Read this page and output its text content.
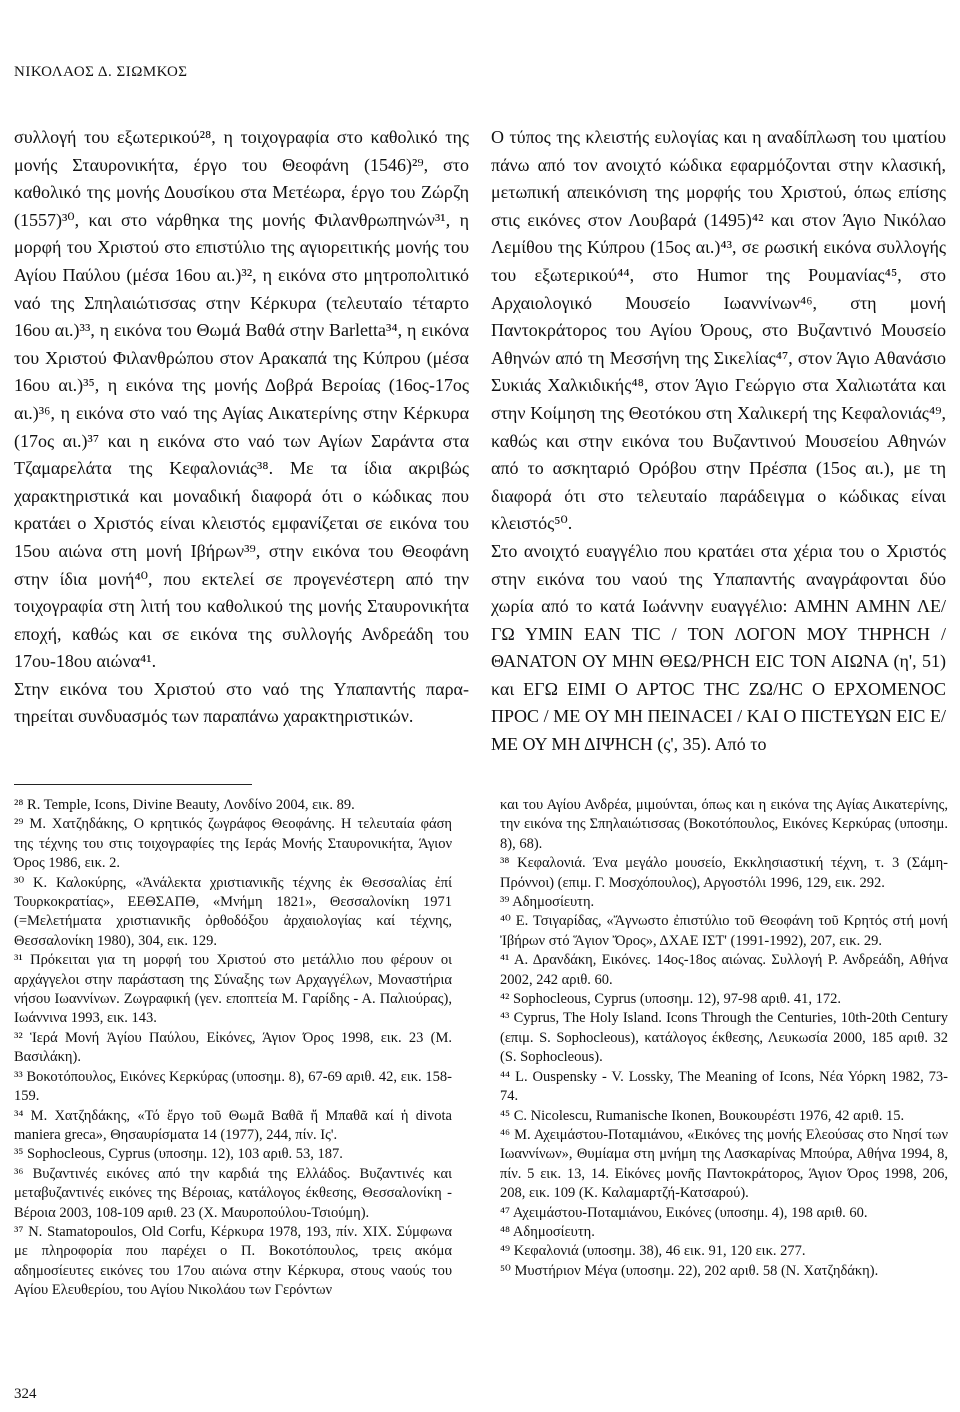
ΝΙΚΟΛΑΟΣ Δ. ΣΙΩΜΚΟΣ

συλλογή του εξωτερικού²⁸, η τοιχογραφία στο καθολικό της μονής Σταυρονικήτα, έργο του Θεοφάνη (1546)²⁹, στο καθολικό της μονής Δουσίκου στα Μετέωρα, έργο του Ζώρζη (1557)³⁰, και στο νάρθηκα της μονής Φιλανθρωπηνών³¹, η μορφή του Χριστού στο επιστύλιο της αγιορειτικής μονής του Αγίου Παύλου (μέσα 16ου αι.)³², η εικόνα στο μητροπολιτικό ναό της Σπηλαιώτισσας στην Κέρκυρα (τελευταίο τέταρτο 16ου αι.)³³, η εικόνα του Θωμά Βαθά στην Barletta³⁴, η εικόνα του Χριστού Φιλανθρώπου στον Αρακαπά της Κύπρου (μέσα 16ου αι.)³⁵, η εικόνα της μονής Δοβρά Βεροίας (16ος-17ος αι.)³⁶, η εικόνα στο ναό της Αγίας Αικατερίνης στην Κέρκυρα (17ος αι.)³⁷ και η εικόνα στο ναό των Αγίων Σαράντα στα Τζαμαρελάτα της Κεφαλονιάς³⁸. Με τα ίδια ακριβώς χαρακτηριστικά και μοναδική διαφορά ότι ο κώδικας που κρατάει ο Χριστός είναι κλειστός εμφανίζεται σε εικόνα του 15ου αιώνα στη μονή Ιβήρων³⁹, στην εικόνα του Θεοφάνη στην ίδια μονή⁴⁰, που εκτελεί σε προγενέστερη από την τοιχογραφία στη λιτή του καθολικού της μονής Σταυρονικήτα εποχή, καθώς και σε εικόνα της συλλογής Ανδρεάδη του 17ου-18ου αιώνα⁴¹.

Στην εικόνα του Χριστού στο ναό της Υπαπαντής παρατηρείται συνδυασμός των παραπάνω χαρακτηριστικών.

Ο τύπος της κλειστής ευλογίας και η αναδίπλωση του ιματίου πάνω από τον ανοιχτό κώδικα εφαρμόζονται στην κλασική, μετωπική απεικόνιση της μορφής του Χριστού, όπως επίσης στις εικόνες στον Λουβαρά (1495)⁴² και στον Άγιο Νικόλαο Λεμίθου της Κύπρου (15ος αι.)⁴³, σε ρωσική εικόνα συλλογής του εξωτερικού⁴⁴, στο Humor της Ρουμανίας⁴⁵, στο Αρχαιολογικό Μουσείο Ιωαννίνων⁴⁶, στη μονή Παντοκράτορος του Αγίου Όρους, στο Βυζαντινό Μουσείο Αθηνών από τη Μεσσήνη της Σικελίας⁴⁷, στον Άγιο Αθανάσιο Συκιάς Χαλκιδικής⁴⁸, στον Άγιο Γεώργιο στα Χαλιωτάτα και στην Κοίμηση της Θεοτόκου στη Χαλικερή της Κεφαλονιάς⁴⁹, καθώς και στην εικόνα του Βυζαντινού Μουσείου Αθηνών από το ασκηταριό Ορόβου στην Πρέσπα (15ος αι.), με τη διαφορά ότι στο τελευταίο παράδειγμα ο κώδικας είναι κλειστός⁵⁰.

Στο ανοιχτό ευαγγέλιο που κρατάει στα χέρια του ο Χριστός στην εικόνα του ναού της Υπαπαντής αναγράφονται δύο χωρία από το κατά Ιωάννην ευαγγέλιο: ΑΜΗΝ ΑΜΗΝ ΛΕ/ΓΩ ΥΜΙΝ ΕΑΝ ΤΙC / ΤΟΝ ΛΟΓΟΝ ΜΟΥ ΤΗΡΗCΗ / ΘΑΝΑΤΟΝ ΟΥ ΜΗΝ ΘΕΩ/ΡΗCΗ ΕΙC ΤΟΝ ΑΙΩΝΑ (η', 51) και ΕΓΩ ΕΙΜΙ Ο ΑΡΤΟC ΤΗC ΖΩ/ΗC Ο ΕΡΧΟΜΕΝΟC ΠΡΟC / ΜΕ ΟΥ ΜΗ ΠΕΙΝΑCΕΙ / ΚΑΙ Ο ΠΙCΤΕΥΩΝ ΕΙC Ε/ΜΕ ΟΥ ΜΗ ΔΙΨΗCΗ (ς', 35). Από το

²⁸ R. Temple, Icons, Divine Beauty, Λονδίνο 2004, εικ. 89.

²⁹ Μ. Χατζηδάκης, Ο κρητικός ζωγράφος Θεοφάνης. Η τελευταία φάση της τέχνης του στις τοιχογραφίες της Ιεράς Μονής Σταυρονικήτα, Άγιον Όρος 1986, εικ. 2.

³⁰ Κ. Καλοκύρης, «Ἀνάλεκτα χριστιανικῆς τέχνης ἐκ Θεσσαλίας ἐπί Τουρκοκρατίας», ΕΕΘΣΑΠΘ, «Μνήμη 1821», Θεσσαλονίκη 1971 (=Μελετήματα χριστιανικῆς ὀρθοδόξου ἀρχαιολογίας καί τέχνης, Θεσσαλονίκη 1980), 304, εικ. 129.

³¹ Πρόκειται για τη μορφή του Χριστού στο μετάλλιο που φέρουν οι αρχάγγελοι στην παράσταση της Σύναξης των Αρχαγγέλων, Μοναστήρια νήσου Ιωαννίνων. Ζωγραφική (γεν. εποπτεία Μ. Γαρίδης - Α. Παλιούρας), Ιωάννινα 1993, εικ. 143.

³² Ἱερά Μονή Ἁγίου Παύλου, Εἰκόνες, Άγιον Όρος 1998, εικ. 23 (Μ. Βασιλάκη).

³³ Βοκοτόπουλος, Εικόνες Κερκύρας (υποσημ. 8), 67-69 αριθ. 42, εικ. 158-159.

³⁴ Μ. Χατζηδάκης, «Τό ἔργο τοῦ Θωμᾶ Βαθᾶ ἤ Μπαθᾶ καί ἡ divota maniera greca», Θησαυρίσματα 14 (1977), 244, πίν. Ις'.

³⁵ Sophocleous, Cyprus (υποσημ. 12), 103 αριθ. 53, 187.

³⁶ Βυζαντινές εικόνες από την καρδιά της Ελλάδος. Βυζαντινές και μεταβυζαντινές εικόνες της Βέροιας, κατάλογος έκθεσης, Θεσσαλονίκη - Βέροια 2003, 108-109 αριθ. 23 (Χ. Μαυροπούλου-Τσιούμη).

³⁷ N. Stamatopoulos, Old Corfu, Κέρκυρα 1978, 193, πίν. XIX. Σύμφωνα με πληροφορία που παρέχει ο Π. Βοκοτόπουλος, τρεις ακόμα αδημοσίευτες εικόνες του 17ου αιώνα στην Κέρκυρα, στους ναούς του Αγίου Ελευθερίου, του Αγίου Νικολάου των Γερόντων

και του Αγίου Ανδρέα, μιμούνται, όπως και η εικόνα της Αγίας Αικατερίνης, την εικόνα της Σπηλαιώτισσας (Βοκοτόπουλος, Εικόνες Κερκύρας (υποσημ. 8), 68).

³⁸ Κεφαλονιά. Ένα μεγάλο μουσείο, Εκκλησιαστική τέχνη, τ. 3 (Σάμη-Πρόννοι) (επιμ. Γ. Μοσχόπουλος), Αργοστόλι 1996, 129, εικ. 292.

³⁹ Αδημοσίευτη.

⁴⁰ Ε. Τσιγαρίδας, «Ἄγνωστο ἐπιστύλιο τοῦ Θεοφάνη τοῦ Κρητός στή μονή Ἰβήρων στό Ἅγιον Ὄρος», ΔΧΑΕ ΙΣΤ' (1991-1992), 207, εικ. 29.

⁴¹ Α. Δρανδάκη, Εικόνες. 14ος-18ος αιώνας. Συλλογή Ρ. Ανδρεάδη, Αθήνα 2002, 242 αριθ. 60.

⁴² Sophocleous, Cyprus (υποσημ. 12), 97-98 αριθ. 41, 172.

⁴³ Cyprus, The Holy Island. Icons Through the Centuries, 10th-20th Century (επιμ. S. Sophocleous), κατάλογος έκθεσης, Λευκωσία 2000, 185 αριθ. 32 (S. Sophocleous).

⁴⁴ L. Ouspensky - V. Lossky, The Meaning of Icons, Νέα Υόρκη 1982, 73-74.

⁴⁵ C. Nicolescu, Rumanische Ikonen, Βουκουρέστι 1976, 42 αριθ. 15.

⁴⁶ Μ. Αχειμάστου-Ποταμιάνου, «Εικόνες της μονής Ελεούσας στο Νησί των Ιωαννίνων», Θυμίαμα στη μνήμη της Λασκαρίνας Μπούρα, Αθήνα 1994, 8, πίν. 5 εικ. 13, 14. Εἰκόνες μονῆς Παντοκράτορος, Άγιον Όρος 1998, 206, 208, εικ. 109 (Κ. Καλαμαρτζή-Κατσαρού).

⁴⁷ Αχειμάστου-Ποταμιάνου, Εικόνες (υποσημ. 4), 198 αριθ. 60.

⁴⁸ Αδημοσίευτη.

⁴⁹ Κεφαλονιά (υποσημ. 38), 46 εικ. 91, 120 εικ. 277.

⁵⁰ Μυστήριον Μέγα (υποσημ. 22), 202 αριθ. 58 (Ν. Χατζηδάκη).

324
